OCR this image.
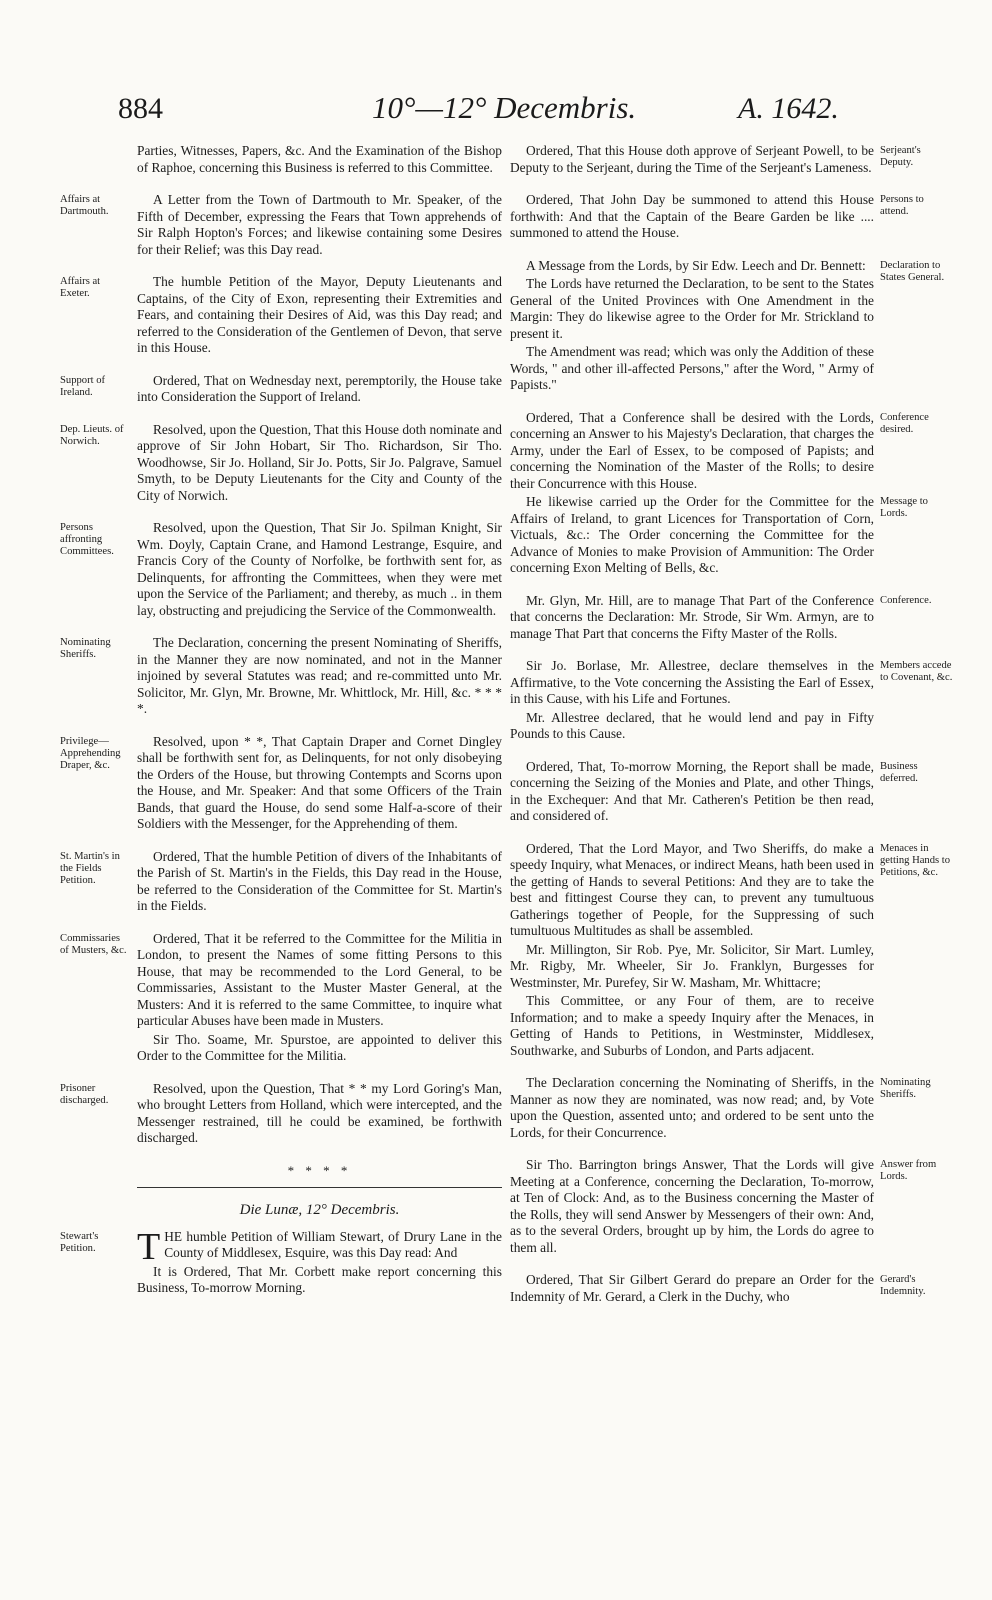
884	10°—12° Decembris.	A. 1642.

Parties, Witnesses, Papers, &c. And the Examination of the Bishop of Raphoe, concerning this Business is referred to this Committee.

Affairs at Dartmouth.
A Letter from the Town of Dartmouth to Mr. Speaker, of the Fifth of December, expressing the Fears that Town apprehends of Sir Ralph Hopton's Forces; and likewise containing some Desires for their Relief; was this Day read.

Affairs at Exeter.
The humble Petition of the Mayor, Deputy Lieutenants and Captains, of the City of Exon, representing their Extremities and Fears, and containing their Desires of Aid, was this Day read; and referred to the Consideration of the Gentlemen of Devon, that serve in this House.

Support of Ireland.
Ordered, That on Wednesday next, peremptorily, the House take into Consideration the Support of Ireland.

Dep. Lieuts. of Norwich.
Resolved, upon the Question, That this House doth nominate and approve of Sir John Hobart, Sir Tho. Richardson, Sir Tho. Woodhowse, Sir Jo. Holland, Sir Jo. Potts, Sir Jo. Palgrave, Samuel Smyth, to be Deputy Lieutenants for the City and County of the City of Norwich.

Persons affronting Committees.
Resolved, upon the Question, That Sir Jo. Spilman Knight, Sir Wm. Doyly, Captain Crane, and Hamond Lestrange, Esquire, and Francis Cory of the County of Norfolke, be forthwith sent for, as Delinquents, for affronting the Committees, when they were met upon the Service of the Parliament; and thereby, as much .. in them lay, obstructing and prejudicing the Service of the Commonwealth.

Nominating Sheriffs.
The Declaration, concerning the present Nominating of Sheriffs, in the Manner they are now nominated, and not in the Manner injoined by several Statutes was read; and re-committed unto Mr. Solicitor, Mr. Glyn, Mr. Browne, Mr. Whittlock, Mr. Hill, &c. * * * *.

Privilege—Apprehending Draper, &c.
Resolved, upon * *, That Captain Draper and Cornet Dingley shall be forthwith sent for, as Delinquents, for not only disobeying the Orders of the House, but throwing Contempts and Scorns upon the House, and Mr. Speaker: And that some Officers of the Train Bands, that guard the House, do send some Half-a-score of their Soldiers with the Messenger, for the Apprehending of them.

St. Martin's in the Fields Petition.
Ordered, That the humble Petition of divers of the Inhabitants of the Parish of St. Martin's in the Fields, this Day read in the House, be referred to the Consideration of the Committee for St. Martin's in the Fields.

Commissaries of Musters, &c.
Ordered, That it be referred to the Committee for the Militia in London, to present the Names of some fitting Persons to this House, that may be recommended to the Lord General, to be Commissaries, Assistant to the Muster Master General, at the Musters: And it is referred to the same Committee, to inquire what particular Abuses have been made in Musters.

Sir Tho. Soame, Mr. Spurstoe, are appointed to deliver this Order to the Committee for the Militia.

Prisoner discharged.
Resolved, upon the Question, That * * my Lord Goring's Man, who brought Letters from Holland, which were intercepted, and the Messenger restrained, till he could be examined, be forthwith discharged.

* * * *
Die Lunæ, 12° Decembris.

Stewart's Petition.	T HE humble Petition of William Stewart, of Drury Lane in the County of Middlesex, Esquire, was this Day read: And

It is Ordered, That Mr. Corbett make report concerning this Business, To-morrow Morning.

Serjeant's Deputy.
Ordered, That this House doth approve of Serjeant Powell, to be Deputy to the Serjeant, during the Time of the Serjeant's Lameness.

Persons to attend.
Ordered, That John Day be summoned to attend this House forthwith: And that the Captain of the Beare Garden be like .... summoned to attend the House.

Declaration to States General.
A Message from the Lords, by Sir Edw. Leech and Dr. Bennett:

The Lords have returned the Declaration, to be sent to the States General of the United Provinces with One Amendment in the Margin: They do likewise agree to the Order for Mr. Strickland to present it.

The Amendment was read; which was only the Addition of these Words, " and other ill-affected Persons," after the Word, " Army of Papists."

Conference desired.
Ordered, That a Conference shall be desired with the Lords, concerning an Answer to his Majesty's Declaration, that charges the Army, under the Earl of Essex, to be composed of Papists; and concerning the Nomination of the Master of the Rolls; to desire their Concurrence with this House.

Message to Lords.
He likewise carried up the Order for the Committee for the Affairs of Ireland, to grant Licences for Transportation of Corn, Victuals, &c.: The Order concerning the Committee for the Advance of Monies to make Provision of Ammunition: The Order concerning Exon Melting of Bells, &c.

Conference.
Mr. Glyn, Mr. Hill, are to manage That Part of the Conference that concerns the Declaration: Mr. Strode, Sir Wm. Armyn, are to manage That Part that concerns the Fifty Master of the Rolls.

Members accede to Covenant, &c.
Sir Jo. Borlase, Mr. Allestree, declare themselves in the Affirmative, to the Vote concerning the Assisting the Earl of Essex, in this Cause, with his Life and Fortunes.

Mr. Allestree declared, that he would lend and pay in Fifty Pounds to this Cause.

Business deferred.
Ordered, That, To-morrow Morning, the Report shall be made, concerning the Seizing of the Monies and Plate, and other Things, in the Exchequer: And that Mr. Catheren's Petition be then read, and considered of.

Menaces in getting Hands to Petitions, &c.
Ordered, That the Lord Mayor, and Two Sheriffs, do make a speedy Inquiry, what Menaces, or indirect Means, hath been used in the getting of Hands to several Petitions: And they are to take the best and fittingest Course they can, to prevent any tumultuous Gatherings together of People, for the Suppressing of such tumultuous Multitudes as shall be assembled.

Mr. Millington, Sir Rob. Pye, Mr. Solicitor, Sir Mart. Lumley, Mr. Rigby, Mr. Wheeler, Sir Jo. Franklyn, Burgesses for Westminster, Mr. Purefey, Sir W. Masham, Mr. Whittacre;

This Committee, or any Four of them, are to receive Information; and to make a speedy Inquiry after the Menaces, in Getting of Hands to Petitions, in Westminster, Middlesex, Southwarke, and Suburbs of London, and Parts adjacent.

Nominating Sheriffs.
The Declaration concerning the Nominating of Sheriffs, in the Manner as now they are nominated, was now read; and, by Vote upon the Question, assented unto; and ordered to be sent unto the Lords, for their Concurrence.

Answer from Lords.
Sir Tho. Barrington brings Answer, That the Lords will give Meeting at a Conference, concerning the Declaration, To-morrow, at Ten of Clock: And, as to the Business concerning the Master of the Rolls, they will send Answer by Messengers of their own: And, as to the several Orders, brought up by him, the Lords do agree to them all.

Gerard's Indemnity.
Ordered, That Sir Gilbert Gerard do prepare an Order for the Indemnity of Mr. Gerard, a Clerk in the Duchy, who
